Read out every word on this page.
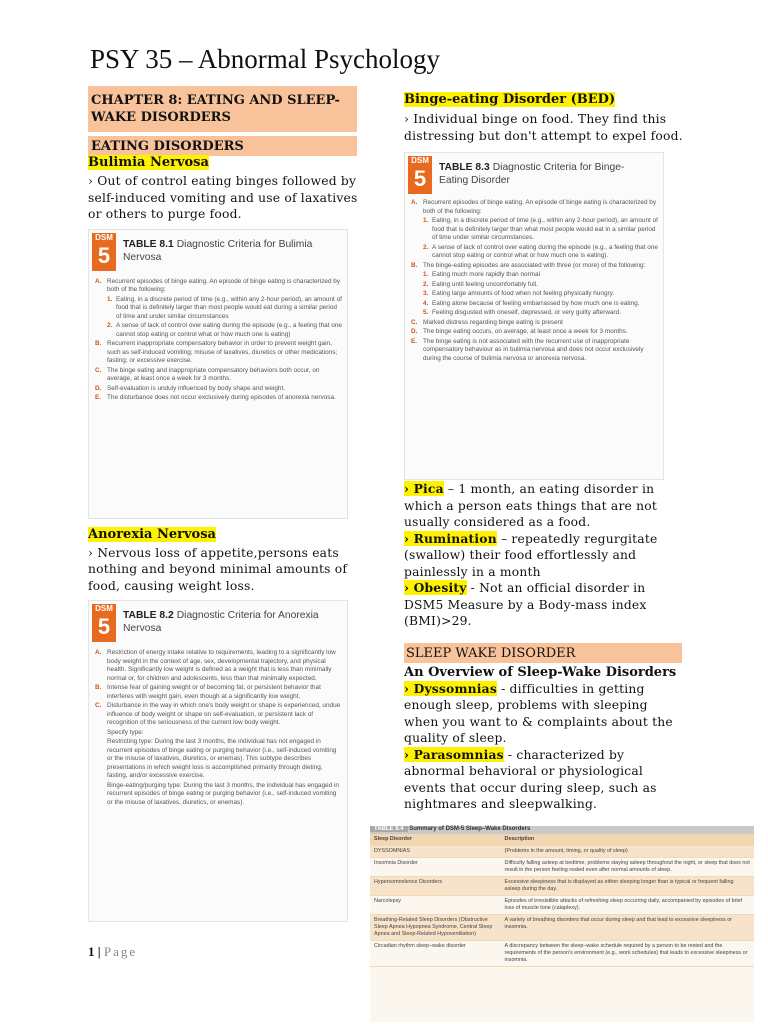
PSY 35 – Abnormal Psychology
CHAPTER 8: EATING AND SLEEP-WAKE DISORDERS
EATING DISORDERS
Bulimia Nervosa

› Out of control eating binges followed by self-induced vomiting and use of laxatives or others to purge food.

DSM
5	TABLE 8.1 Diagnostic Criteria for Bulimia Nervosa
A. Recurrent episodes of binge eating. An episode of binge eating is characterized by both of the following:
1. Eating, in a discrete period of time (e.g., within any 2-hour period), an amount of food that is definitely larger than most people would eat during a similar period of time and under similar circumstances
2. A sense of lack of control over eating during the episode (e.g., a feeling that one cannot stop eating or control what or how much one is eating)
B. Recurrent inappropriate compensatory behavior in order to prevent weight gain, such as self-induced vomiting; misuse of laxatives, diuretics or other medications; fasting; or excessive exercise.
C. The binge eating and inappropriate compensatory behaviors both occur, on average, at least once a week for 3 months.
D. Self-evaluation is unduly influenced by body shape and weight.
E. The disturbance does not occur exclusively during episodes of anorexia nervosa.
Anorexia Nervosa

› Nervous loss of appetite,persons eats nothing and beyond minimal amounts of food, causing weight loss.

DSM
5	TABLE 8.2 Diagnostic Criteria for Anorexia Nervosa
A. Restriction of energy intake relative to requirements, leading to a significantly low body weight in the context of age, sex, developmental trajectory, and physical health. Significantly low weight is defined as a weight that is less than minimally normal or, for children and adolescents, less than that minimally expected.
B. Intense fear of gaining weight or of becoming fat, or persistent behavior that interferes with weight gain, even though at a significantly low weight.
C. Disturbance in the way in which one's body weight or shape is experienced, undue influence of body weight or shape on self-evaluation, or persistent lack of recognition of the seriousness of the current low body weight.
Specify type:
Restricting type: During the last 3 months, the individual has not engaged in recurrent episodes of binge eating or purging behavior (i.e., self-induced vomiting or the misuse of laxatives, diuretics, or enemas). This subtype describes presentations in which weight loss is accomplished primarily through dieting, fasting, and/or excessive exercise.
Binge-eating/purging type: During the last 3 months, the individual has engaged in recurrent episodes of binge eating or purging behavior (i.e., self-induced vomiting or the misuse of laxatives, diuretics, or enemas).
Binge-eating Disorder (BED)

› Individual binge on food. They find this distressing but don't attempt to expel food.

DSM
5	TABLE 8.3 Diagnostic Criteria for Binge-Eating Disorder
A. Recurrent episodes of binge eating. An episode of binge eating is characterized by both of the following:
1. Eating, in a discrete period of time (e.g., within any 2-hour period), an amount of food that is definitely larger than what most people would eat in a similar period of time under similar circumstances.
2. A sense of lack of control over eating during the episode (e.g., a feeling that one cannot stop eating or control what or how much one is eating).
B. The binge-eating episodes are associated with three (or more) of the following:
1. Eating much more rapidly than normal
2. Eating until feeling uncomfortably full.
3. Eating large amounts of food when not feeling physically hungry.
4. Eating alone because of feeling embarrassed by how much one is eating.
5. Feeling disgusted with oneself, depressed, or very guilty afterward.
C. Marked distress regarding binge eating is present
D. The binge eating occurs, on average, at least once a week for 3 months.
E. The binge eating is not associated with the recurrent use of inappropriate compensatory behaviour as in bulimia nervosa and does not occur exclusively during the course of bulimia nervosa or anorexia nervosa.

› Pica – 1 month, an eating disorder in which a person eats things that are not usually considered as a food.

› Rumination – repeatedly regurgitate (swallow) their food effortlessly and painlessly in a month

› Obesity - Not an official disorder in DSM5 Measure by a Body-mass index (BMI)>29.

SLEEP WAKE DISORDER
An Overview of Sleep-Wake Disorders

› Dyssomnias - difficulties in getting enough sleep, problems with sleeping when you want to & complaints about the quality of sleep.

› Parasomnias - characterized by abnormal behavioral or physiological events that occur during sleep, such as nightmares and sleepwalking.

TABLE 8.4 Summary of DSM-5 Sleep–Wake Disorders
Sleep Disorder	Description
DYSSOMNIAS	(Problems in the amount, timing, or quality of sleep)
Insomnia Disorder	Difficulty falling asleep at bedtime, problems staying asleep throughout the night, or sleep that does not result in the person feeling rested even after normal amounts of sleep.
Hypersomnolence Disorders	Excessive sleepiness that is displayed as either sleeping longer than is typical or frequent falling asleep during the day.
Narcolepsy	Episodes of irresistible attacks of refreshing sleep occurring daily, accompanied by episodes of brief loss of muscle tone (cataplexy).
Breathing-Related Sleep Disorders (Obstructive Sleep Apnea Hypopnea Syndrome, Central Sleep Apnea and Sleep-Related Hypoventilation)	A variety of breathing disorders that occur during sleep and that lead to excessive sleepiness or insomnia.
Circadian rhythm sleep–wake disorder	A discrepancy between the sleep–wake schedule required by a person to be rested and the requirements of the person's environment (e.g., work schedules) that leads to excessive sleepiness or insomnia.
1 | Page
